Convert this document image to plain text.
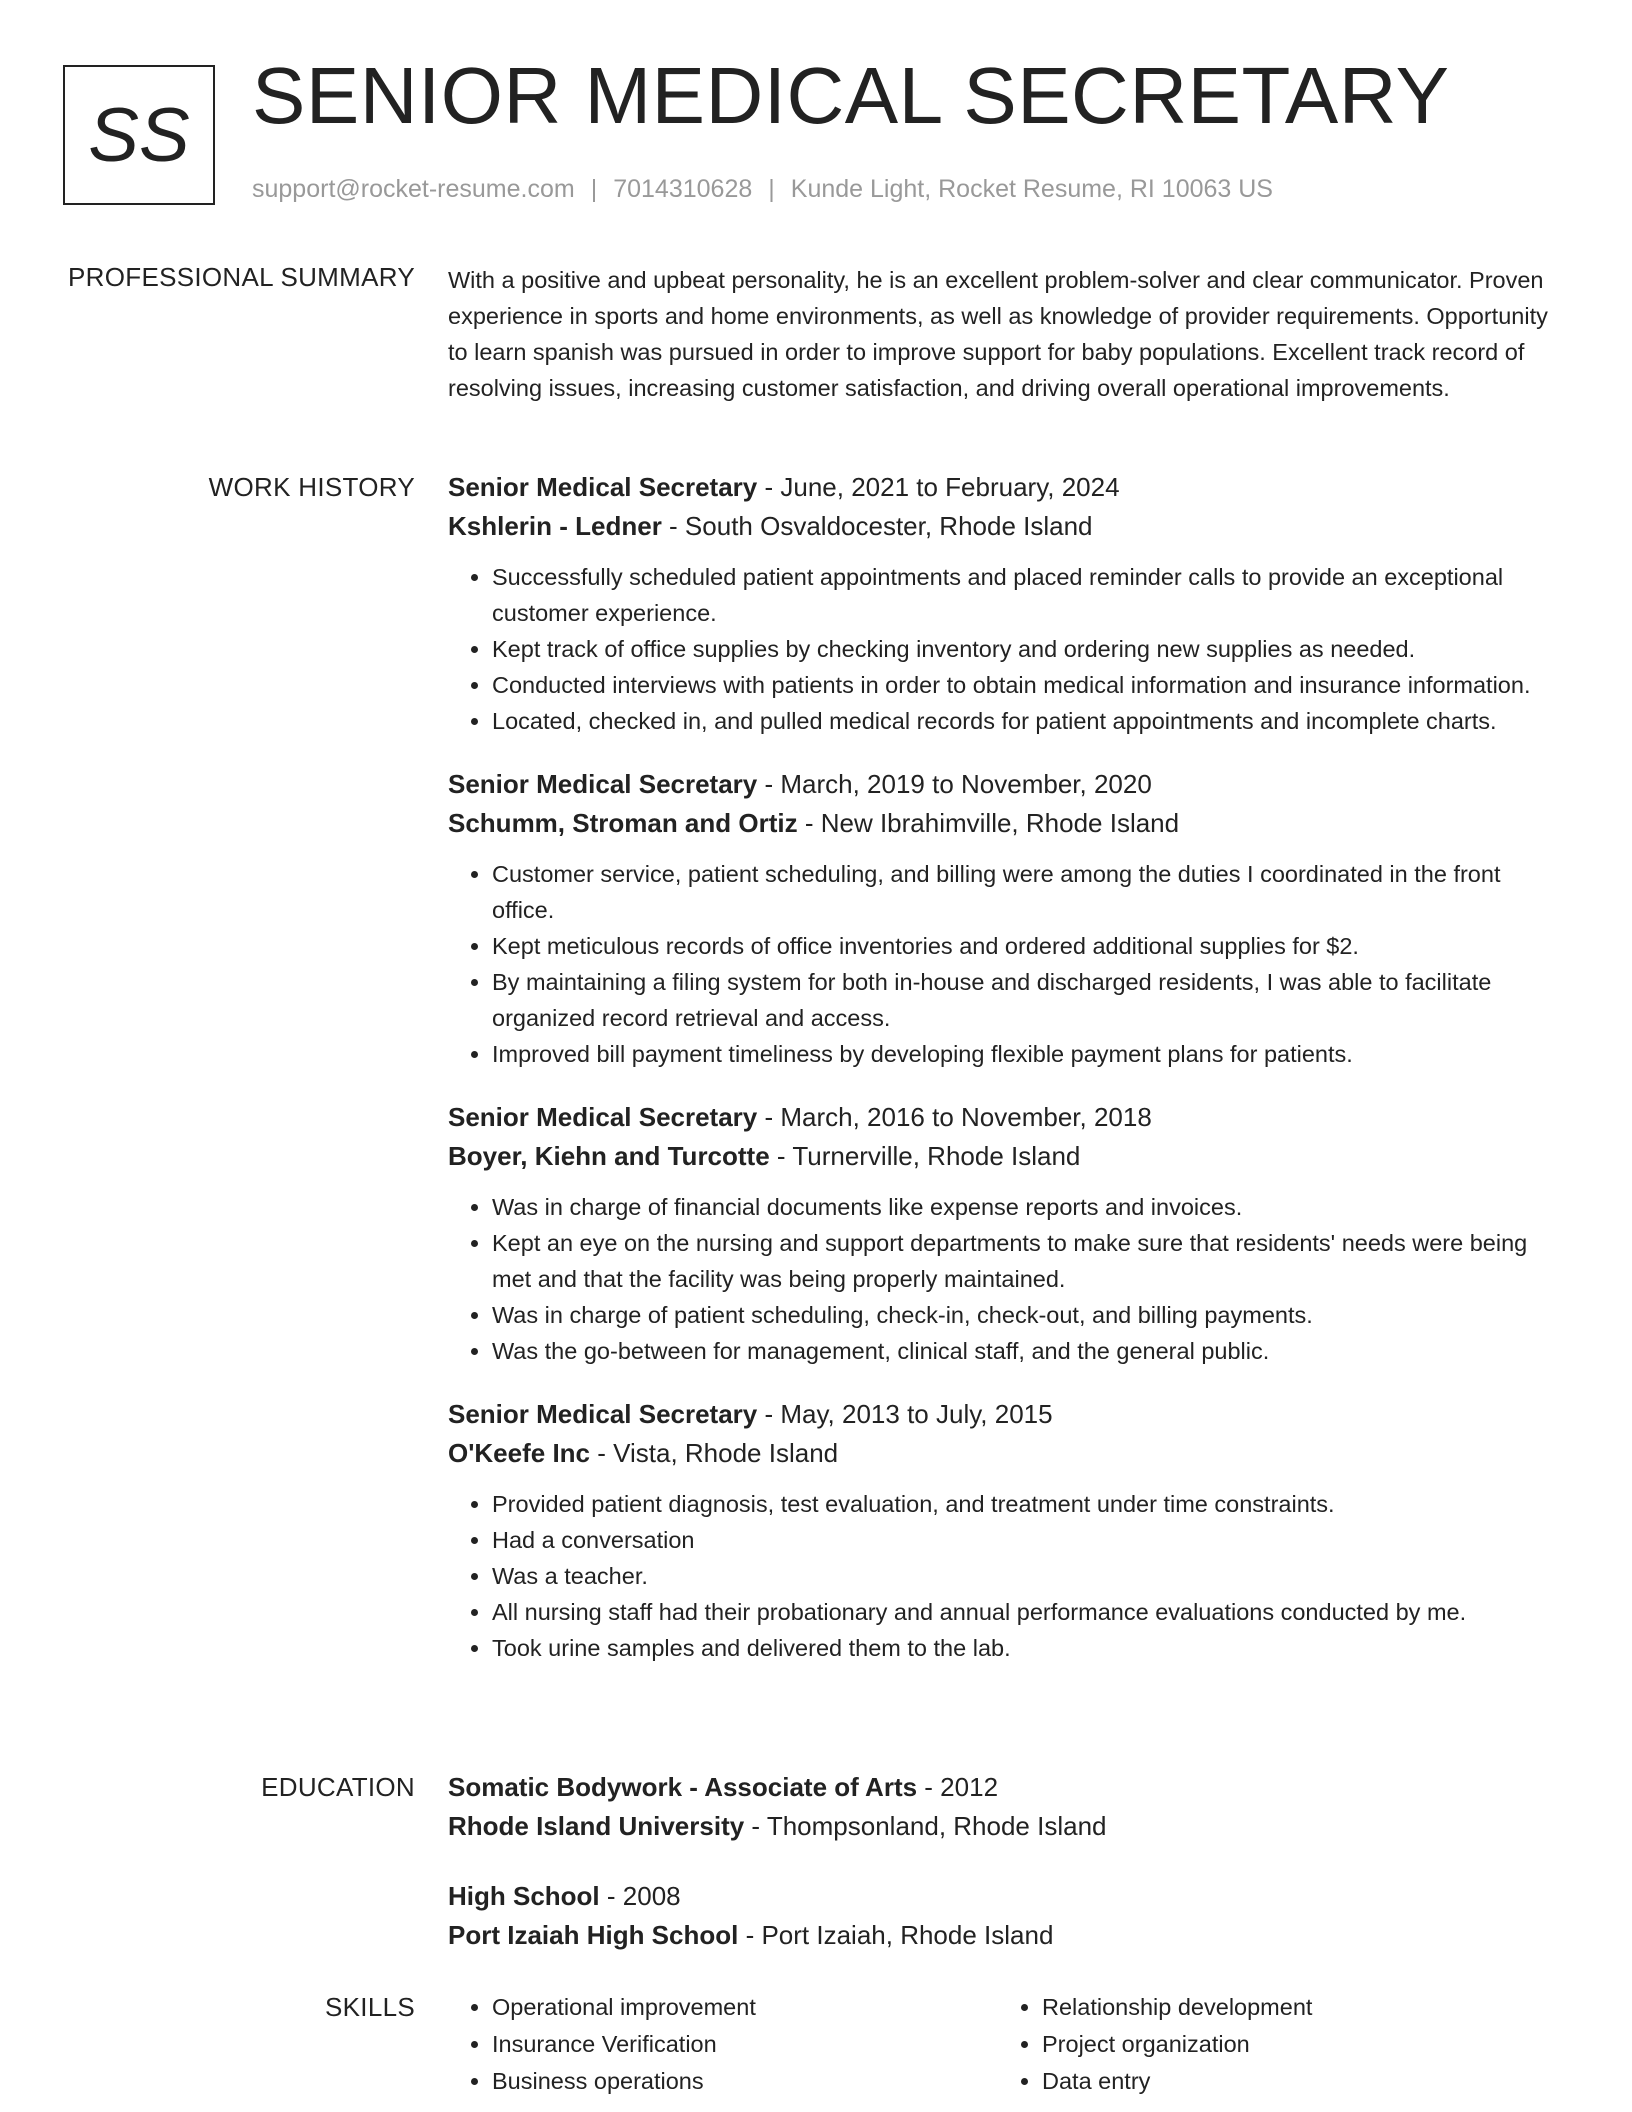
SS SENIOR MEDICAL SECRETARY
support@rocket-resume.com | 7014310628 | Kunde Light, Rocket Resume, RI 10063 US
PROFESSIONAL SUMMARY With a positive and upbeat personality, he is an excellent problem-solver and clear communicator. Proven experience in sports and home environments, as well as knowledge of provider requirements. Opportunity to learn spanish was pursued in order to improve support for baby populations. Excellent track record of resolving issues, increasing customer satisfaction, and driving overall operational improvements.

WORK HISTORY Senior Medical Secretary - June, 2021 to February, 2024
Kshlerin - Ledner - South Osvaldocester, Rhode Island
• Successfully scheduled patient appointments and placed reminder calls to provide an exceptional customer experience.
• Kept track of office supplies by checking inventory and ordering new supplies as needed.
• Conducted interviews with patients in order to obtain medical information and insurance information.
• Located, checked in, and pulled medical records for patient appointments and incomplete charts.
Senior Medical Secretary - March, 2019 to November, 2020
Schumm, Stroman and Ortiz - New Ibrahimville, Rhode Island
• Customer service, patient scheduling, and billing were among the duties I coordinated in the front office.
• Kept meticulous records of office inventories and ordered additional supplies for $2.
• By maintaining a filing system for both in-house and discharged residents, I was able to facilitate organized record retrieval and access.
• Improved bill payment timeliness by developing flexible payment plans for patients.
Senior Medical Secretary - March, 2016 to November, 2018
Boyer, Kiehn and Turcotte - Turnerville, Rhode Island
• Was in charge of financial documents like expense reports and invoices.
• Kept an eye on the nursing and support departments to make sure that residents' needs were being met and that the facility was being properly maintained.
• Was in charge of patient scheduling, check-in, check-out, and billing payments.
• Was the go-between for management, clinical staff, and the general public.
Senior Medical Secretary - May, 2013 to July, 2015
O'Keefe Inc - Vista, Rhode Island
• Provided patient diagnosis, test evaluation, and treatment under time constraints.
• Had a conversation
• Was a teacher.
• All nursing staff had their probationary and annual performance evaluations conducted by me.
• Took urine samples and delivered them to the lab.
EDUCATION Somatic Bodywork - Associate of Arts - 2012
Rhode Island University - Thompsonland, Rhode Island
High School - 2008
Port Izaiah High School - Port Izaiah, Rhode Island
SKILLS
•	Operational improvement
• Insurance Verification
• Business operations
• Relationship development
• Project organization
• Data entry
